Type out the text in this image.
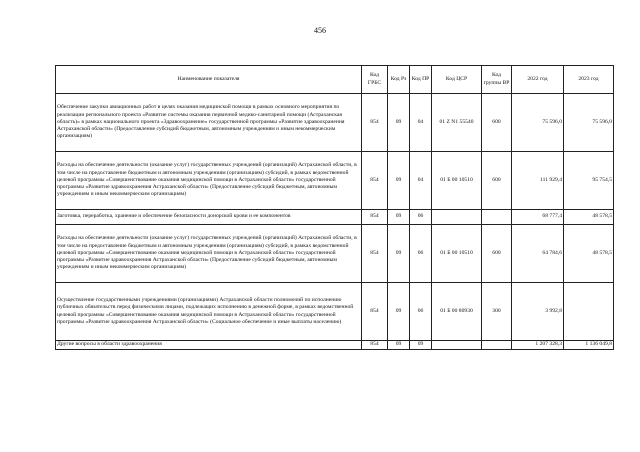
456
Наименование показателя	Код ГРБС	Код Рз	Код ПР	Код ЦСР	Код группы ВР	2022 год	2023 год
Обеспечение закупки авиационных работ в целях оказания медицинской помощи в рамках основного мероприятия по реализации регионального проекта «Развитие системы оказания первичной медико-санитарной помощи (Астраханская область)» в рамках национального проекта «Здравоохранение» государственной программы «Развитие здравоохранения Астраханской области» (Предоставление субсидий бюджетным, автономным учреждениям и иным некоммерческим организациям)	854	09	04	01 Z N1 55540	600	75 596,0	75 596,0
Расходы на обеспечение деятельности (оказание услуг) государственных учреждений (организаций) Астраханской области, в том числе на предоставление бюджетным и автономным учреждениям (организациям) субсидий, в рамках ведомственной целевой программы «Совершенствование оказания медицинской помощи в Астраханской области» государственной программы «Развитие здравоохранения Астраханской области» (Предоставление субсидий бюджетным, автономным учреждениям и иным некоммерческим организациям)	854	09	04	01 Б 00 10510	600	111 929,4	95 754,5
Заготовка, переработка, хранение и обеспечение безопасности донорской крови и ее компонентов	854	09	06			68 777,4	48 578,5
Расходы на обеспечение деятельности (оказание услуг) государственных учреждений (организаций) Астраханской области, в том числе на предоставление бюджетным и автономным учреждениям (организациям) субсидий, в рамках ведомственной целевой программы «Совершенствование оказания медицинской помощи в Астраханской области» государственной программы «Развитие здравоохранения Астраханской области» (Предоставление субсидий бюджетным, автономным учреждениям и иным некоммерческим организациям)	854	09	06	01 Б 00 10510	600	64 784,6	48 578,5
Осуществление государственными учреждениями (организациями) Астраханской области полномочий по исполнению публичных обязательств перед физическими лицами, подлежащих исполнению в денежной форме, в рамках ведомственной целевой программы «Совершенствование оказания медицинской помощи в Астраханской области» государственной программы «Развитие здравоохранения Астраханской области» (Социальное обеспечение и иные выплаты населению)	854	09	06	01 Б 00 80930	300	3 992,8	
Другие вопросы в области здравоохранения	854	09	09			1 207 328,3	1 136 049,8
